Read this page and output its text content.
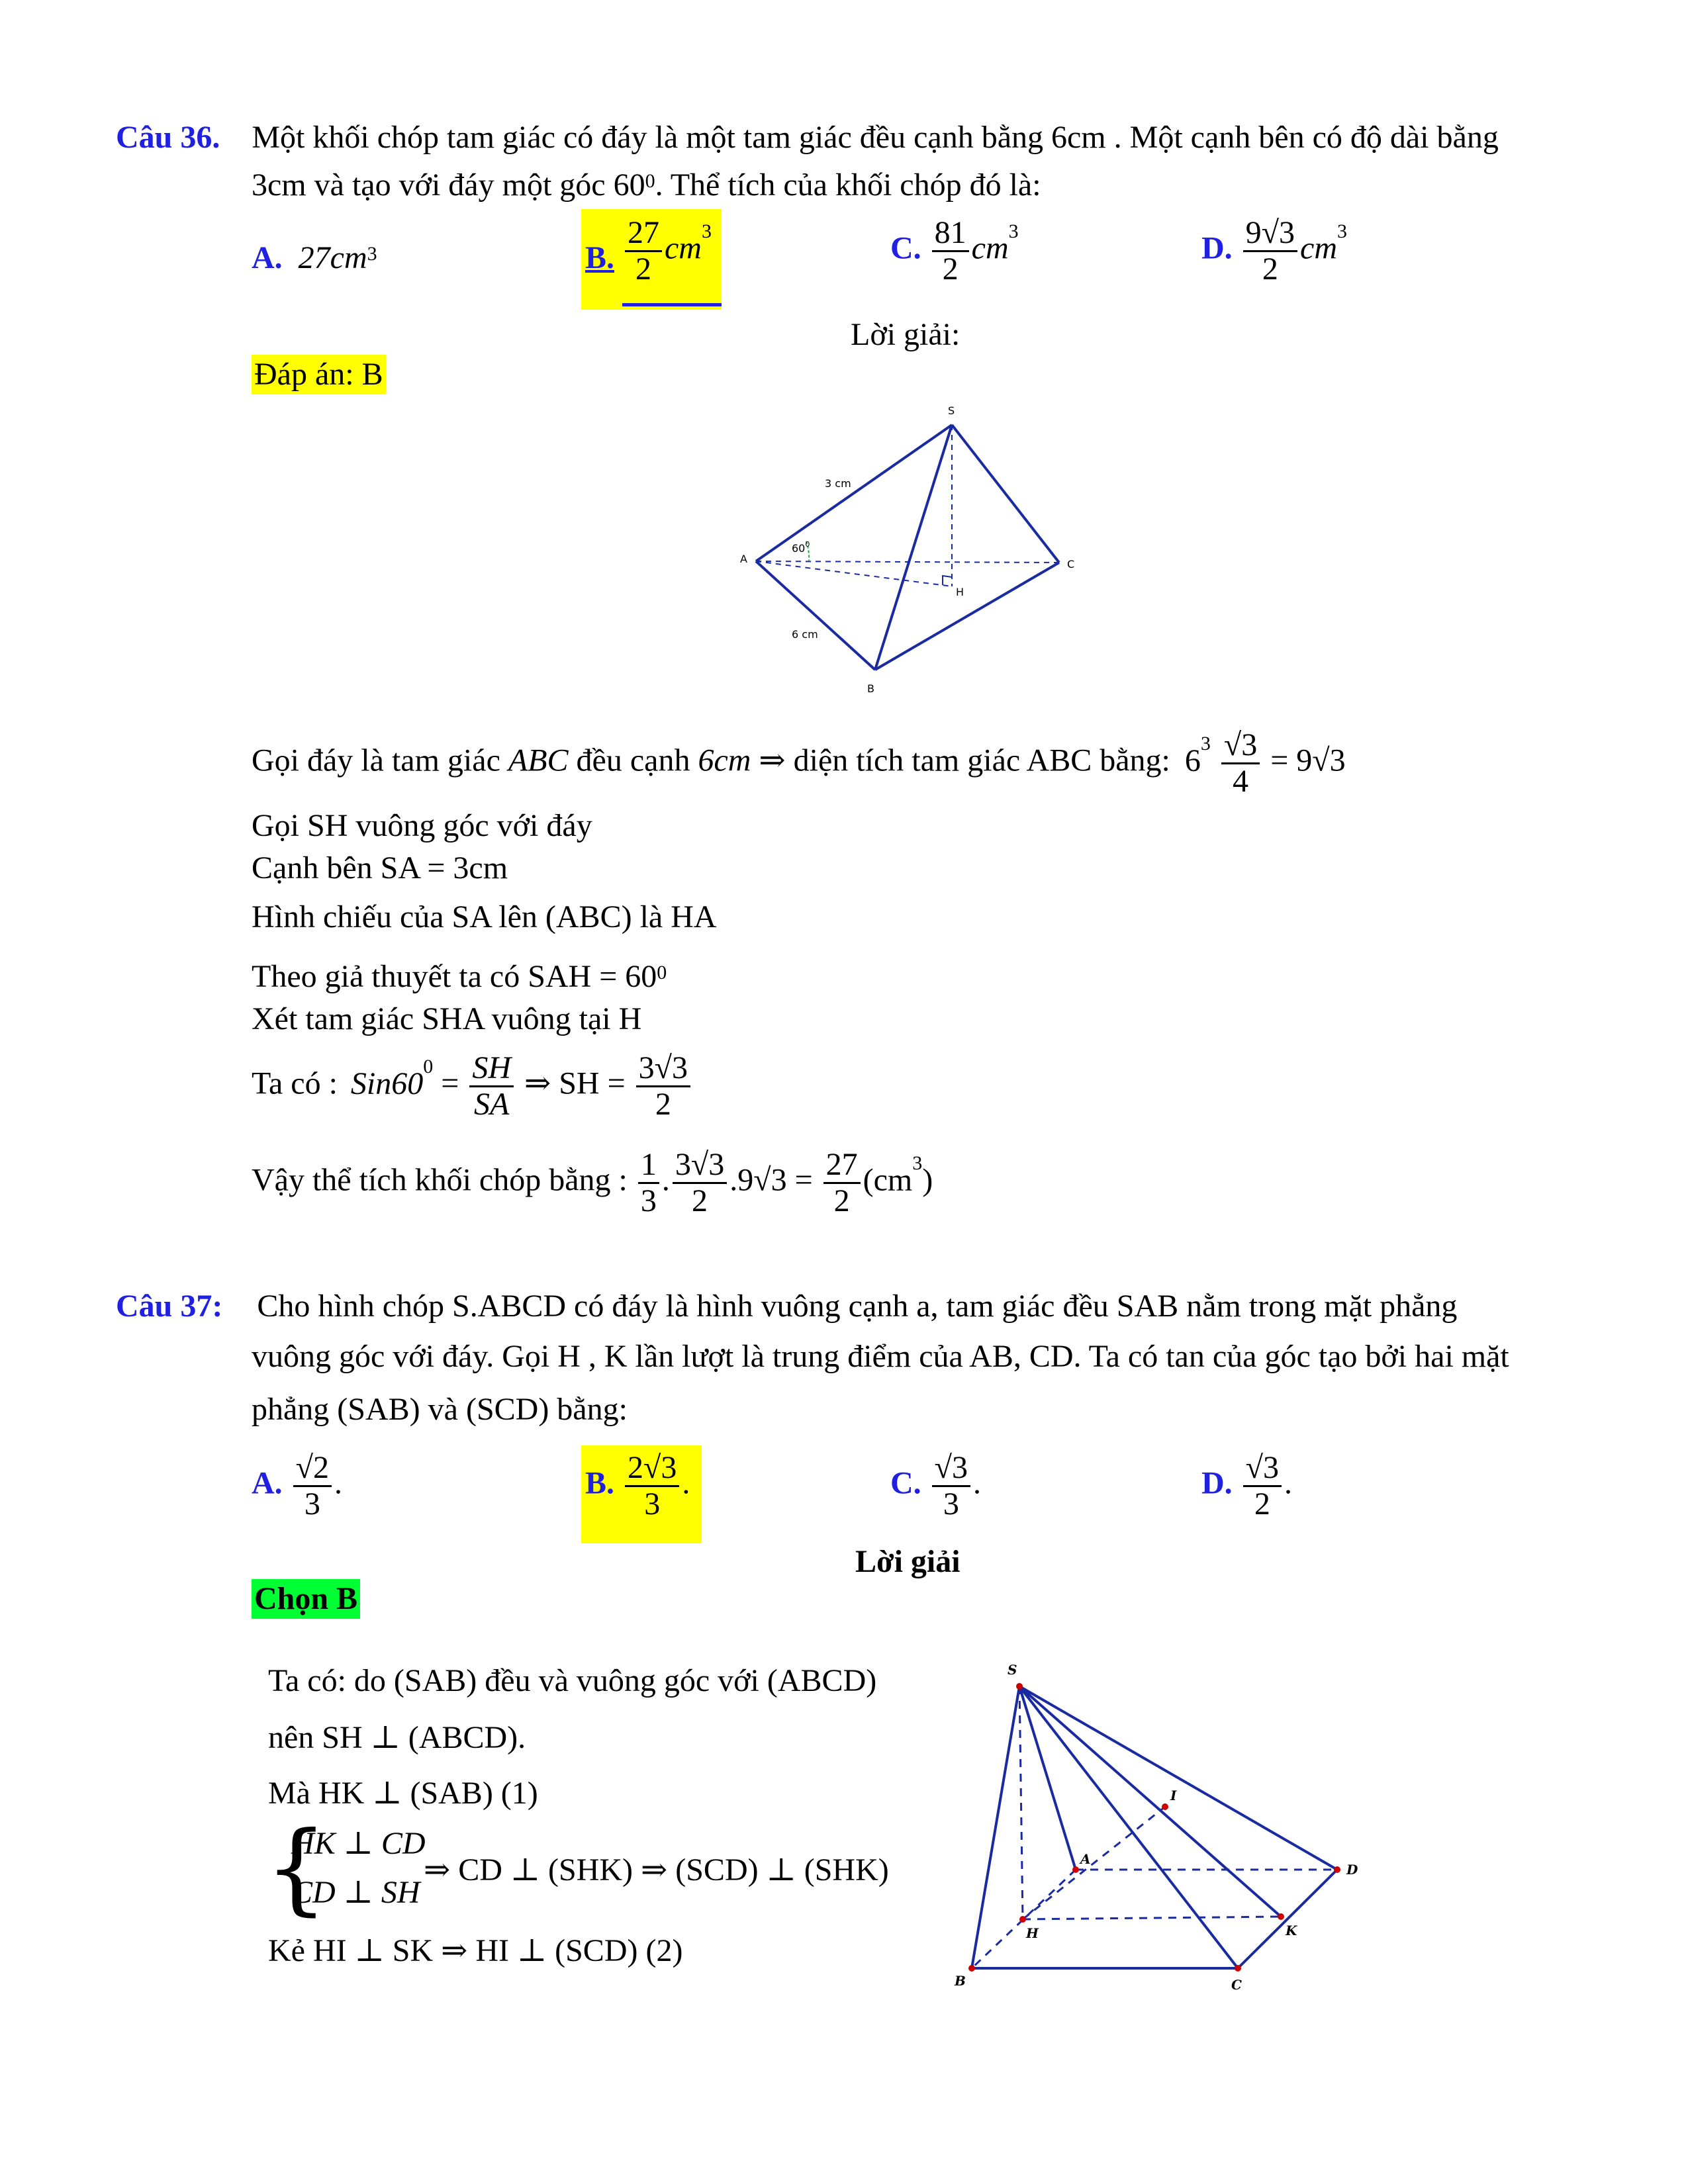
Câu 36. Một khối chóp tam giác có đáy là một tam giác đều cạnh bằng 6cm . Một cạnh bên có độ dài bằng
3cm và tạo với đáy một góc $60^0$. Thể tích của khối chóp đó là:
A. $27cm^3$	B. $\frac{27}{2} cm^3$	C. $\frac{81}{2} cm^3$	D. $\frac{9√3}{2} cm^3$
Lời giải:
Đáp án: B
S
A
B
C
H
3 cm
6 cm
$60^0$
Gọi đáy là tam giác ABC đều cạnh 6cm ⇒ diện tích tam giác ABC bằng: $6^3 \frac{√3}{4} = 9√3$
Gọi SH vuông góc với đáy
Cạnh bên SA = 3cm
Hình chiếu của SA lên (ABC) là HA
Theo giả thuyết ta có SAH = $60^0$
Xét tam giác SHA vuông tại H
Ta có : $Sin60^0 = \frac{SH}{SA}$ ⇒ SH = $\frac{3√3}{2}$
Vậy thể tích khối chóp bằng : $\frac{1}{3}$ . $\frac{3√3}{2} .9√3 = \frac{27}{2} (cm^3)$
Câu 37: Cho hình chóp S.ABCD có đáy là hình vuông cạnh a, tam giác đều SAB nằm trong mặt phẳng
vuông góc với đáy. Gọi H , K lần lượt là trung điểm của AB, CD. Ta có tan của góc tạo bởi hai mặt
phẳng (SAB) và (SCD) bằng:
A. $\frac{√2}{3}$ .	B. $\frac{2√3}{3}$ .	C. $\frac{√3}{3}$ .	D. $\frac{√3}{2}$ .
Lời giải
Chọn B
Ta có: do (SAB) đều và vuông góc với (ABCD)
nên SH ⊥ (ABCD).
Mà HK ⊥ (SAB) (1)
{
HK ⊥ CD
CD ⊥ SH
⇒ CD ⊥ (SHK) ⇒ (SCD) ⊥ (SHK)
Kẻ HI ⊥ SK ⇒ HI ⊥ (SCD) (2)
S
B	C
D
A
H	K
I
